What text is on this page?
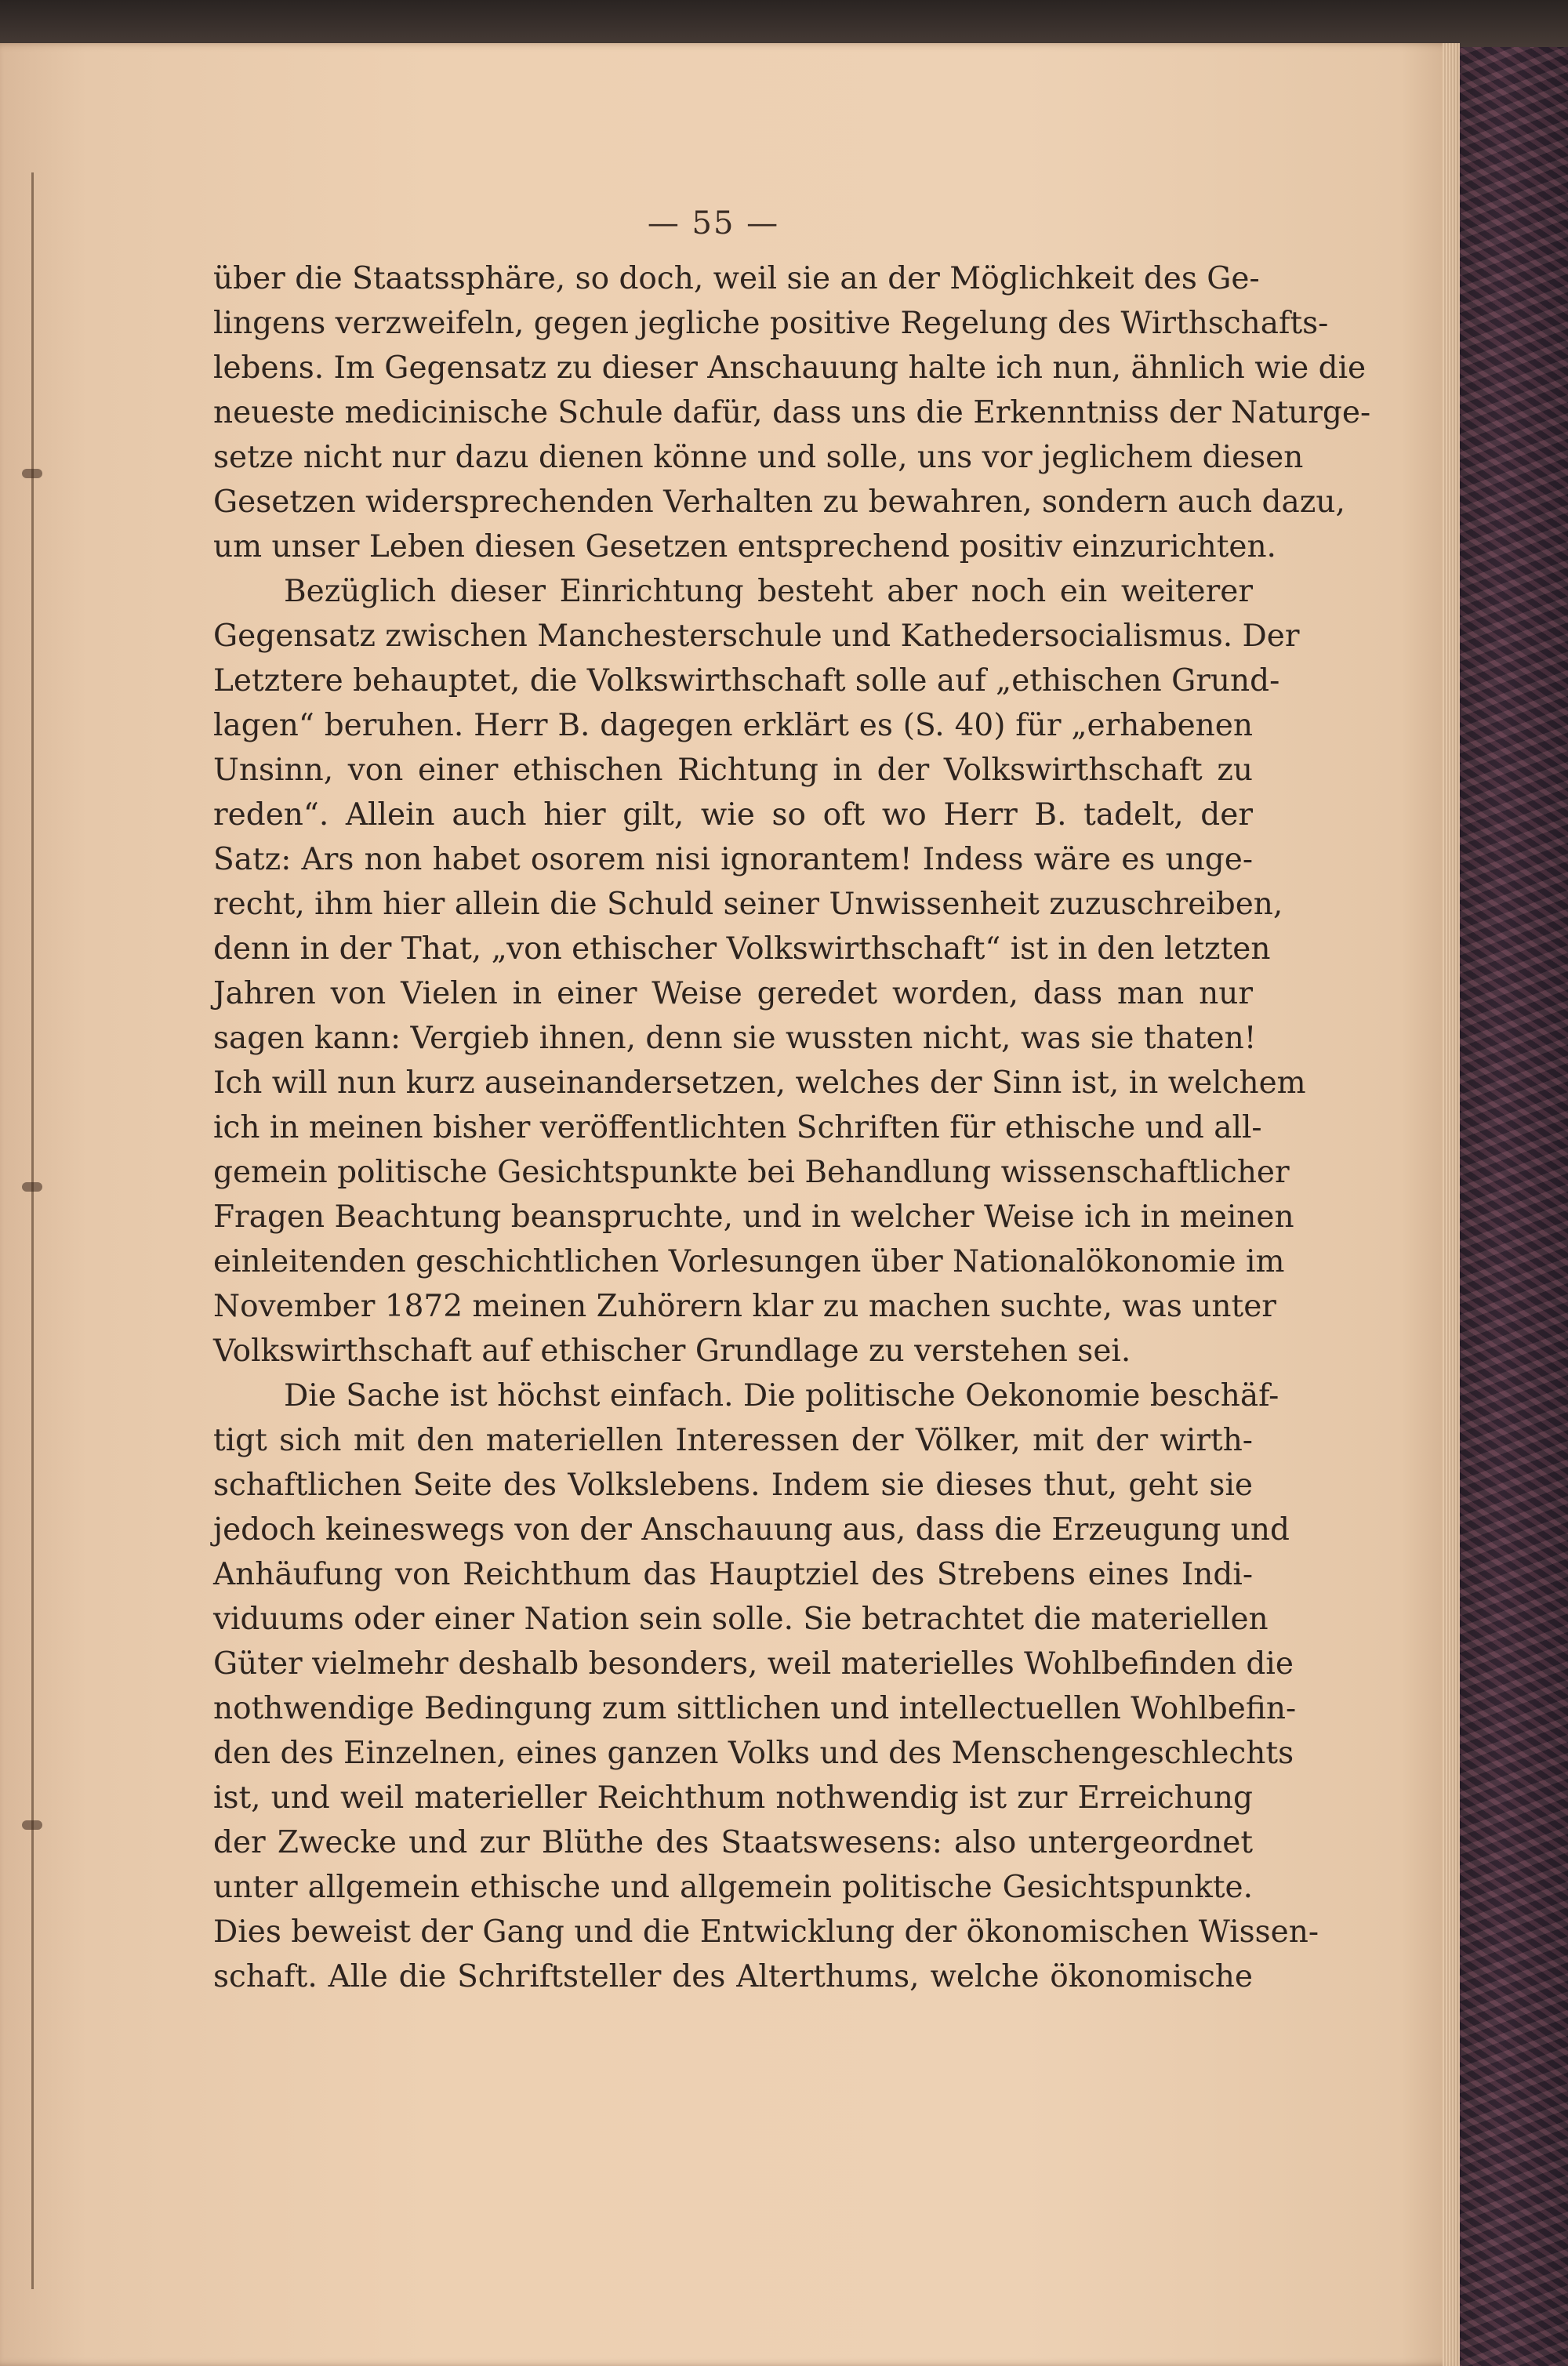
— 55 —
über die Staatssphäre, so doch, weil sie an der Möglichkeit des Ge-
lingens verzweifeln, gegen jegliche positive Regelung des Wirthschafts-
lebens. Im Gegensatz zu dieser Anschauung halte ich nun, ähnlich wie die
neueste medicinische Schule dafür, dass uns die Erkenntniss der Naturge-
setze nicht nur dazu dienen könne und solle, uns vor jeglichem diesen
Gesetzen widersprechenden Verhalten zu bewahren, sondern auch dazu,
um unser Leben diesen Gesetzen entsprechend positiv einzurichten.
Bezüglich dieser Einrichtung besteht aber noch ein weiterer
Gegensatz zwischen Manchesterschule und Kathedersocialismus. Der
Letztere behauptet, die Volkswirthschaft solle auf „ethischen Grund-
lagen“ beruhen. Herr B. dagegen erklärt es (S. 40) für „erhabenen
Unsinn, von einer ethischen Richtung in der Volkswirthschaft zu
reden“. Allein auch hier gilt, wie so oft wo Herr B. tadelt, der
Satz: Ars non habet osorem nisi ignorantem! Indess wäre es unge-
recht, ihm hier allein die Schuld seiner Unwissenheit zuzuschreiben,
denn in der That, „von ethischer Volkswirthschaft“ ist in den letzten
Jahren von Vielen in einer Weise geredet worden, dass man nur
sagen kann: Vergieb ihnen, denn sie wussten nicht, was sie thaten!
Ich will nun kurz auseinandersetzen, welches der Sinn ist, in welchem
ich in meinen bisher veröffentlichten Schriften für ethische und all-
gemein politische Gesichtspunkte bei Behandlung wissenschaftlicher
Fragen Beachtung beanspruchte, und in welcher Weise ich in meinen
einleitenden geschichtlichen Vorlesungen über Nationalökonomie im
November 1872 meinen Zuhörern klar zu machen suchte, was unter
Volkswirthschaft auf ethischer Grundlage zu verstehen sei.
Die Sache ist höchst einfach. Die politische Oekonomie beschäf-
tigt sich mit den materiellen Interessen der Völker, mit der wirth-
schaftlichen Seite des Volkslebens. Indem sie dieses thut, geht sie
jedoch keineswegs von der Anschauung aus, dass die Erzeugung und
Anhäufung von Reichthum das Hauptziel des Strebens eines Indi-
viduums oder einer Nation sein solle. Sie betrachtet die materiellen
Güter vielmehr deshalb besonders, weil materielles Wohlbefinden die
nothwendige Bedingung zum sittlichen und intellectuellen Wohlbefin-
den des Einzelnen, eines ganzen Volks und des Menschengeschlechts
ist, und weil materieller Reichthum nothwendig ist zur Erreichung
der Zwecke und zur Blüthe des Staatswesens: also untergeordnet
unter allgemein ethische und allgemein politische Gesichtspunkte.
Dies beweist der Gang und die Entwicklung der ökonomischen Wissen-
schaft. Alle die Schriftsteller des Alterthums, welche ökonomische
